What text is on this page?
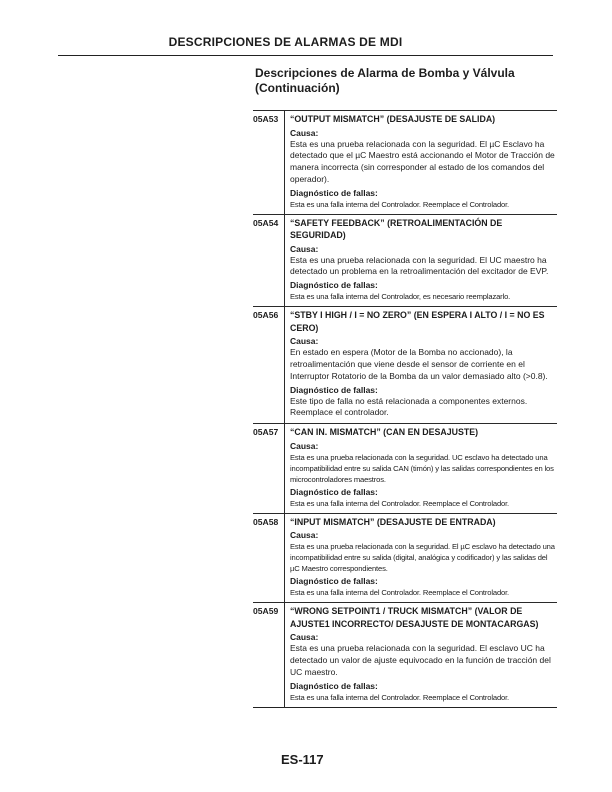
DESCRIPCIONES DE ALARMAS DE MDI
Descripciones de Alarma de Bomba y Válvula (Continuación)
05A53	“OUTPUT MISMATCH” (DESAJUSTE DE SALIDA)
Causa:
Esta es una prueba relacionada con la seguridad. El µC Esclavo ha detectado que el µC Maestro está accionando el Motor de Tracción de manera incorrecta (sin corresponder al estado de los comandos del operador).
Diagnóstico de fallas:
Esta es una falla interna del Controlador. Reemplace el Controlador.

05A54	“SAFETY FEEDBACK” (RETROALIMENTACIÓN DE SEGURIDAD)
Causa:
Esta es una prueba relacionada con la seguridad. El UC maestro ha detectado un problema en la retroalimentación del excitador de EVP.
Diagnóstico de fallas:
Esta es una falla interna del Controlador, es necesario reemplazarlo.

05A56	“STBY I HIGH / I = NO ZERO” (EN ESPERA I ALTO / I = NO ES CERO)
Causa:
En estado en espera (Motor de la Bomba no accionado), la retroalimentación que viene desde el sensor de corriente en el Interruptor Rotatorio de la Bomba da un valor demasiado alto (>0.8).
Diagnóstico de fallas:
Este tipo de falla no está relacionada a componentes externos. Reemplace el controlador.

05A57	“CAN IN. MISMATCH” (CAN EN DESAJUSTE)
Causa:
Esta es una prueba relacionada con la seguridad. UC esclavo ha detectado una incompatibilidad entre su salida CAN (timón) y las salidas correspondientes en los microcontroladores maestros.
Diagnóstico de fallas:
Esta es una falla interna del Controlador. Reemplace el Controlador.

05A58	“INPUT MISMATCH” (DESAJUSTE DE ENTRADA)
Causa:
Esta es una prueba relacionada con la seguridad. El µC esclavo ha detectado una incompatibilidad entre su salida (digital, analógica y codificador) y las salidas del µC Maestro correspondientes.
Diagnóstico de fallas:
Esta es una falla interna del Controlador. Reemplace el Controlador.

05A59	“WRONG SETPOINT1 / TRUCK MISMATCH” (VALOR DE AJUSTE1 INCORRECTO/ DESAJUSTE DE MONTACARGAS)
Causa:
Esta es una prueba relacionada con la seguridad. El esclavo UC ha detectado un valor de ajuste equivocado en la función de tracción del UC maestro.
Diagnóstico de fallas:
Esta es una falla interna del Controlador. Reemplace el Controlador.
ES-117
